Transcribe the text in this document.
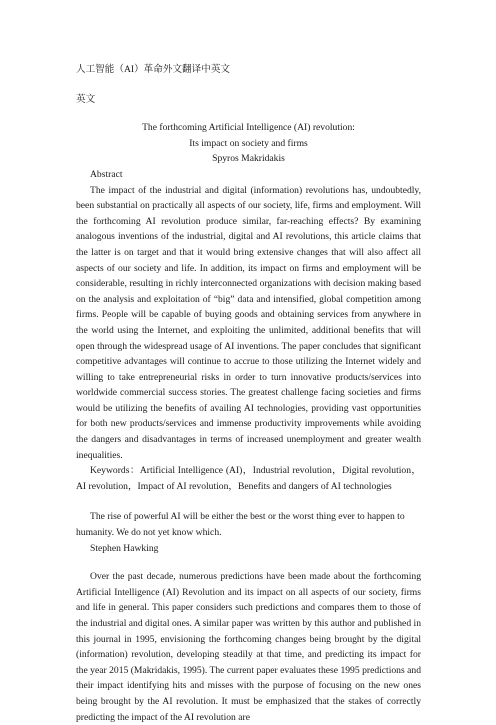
人工智能（AI）革命外文翻译中英文

英文

The forthcoming Artificial Intelligence (AI) revolution:

Its impact on society and firms

Spyros Makridakis

Abstract

The impact of the industrial and digital (information) revolutions has, undoubtedly, been substantial on practically all aspects of our society, life, firms and employment. Will the forthcoming AI revolution produce similar, far-reaching effects? By examining analogous inventions of the industrial, digital and AI revolutions, this article claims that the latter is on target and that it would bring extensive changes that will also affect all aspects of our society and life. In addition, its impact on firms and employment will be considerable, resulting in richly interconnected organizations with decision making based on the analysis and exploitation of “big” data and intensified, global competition among firms. People will be capable of buying goods and obtaining services from anywhere in the world using the Internet, and exploiting the unlimited, additional benefits that will open through the widespread usage of AI inventions. The paper concludes that significant competitive advantages will continue to accrue to those utilizing the Internet widely and willing to take entrepreneurial risks in order to turn innovative products/services into worldwide commercial success stories. The greatest challenge facing societies and firms would be utilizing the benefits of availing AI technologies, providing vast opportunities for both new products/services and immense productivity improvements while avoiding the dangers and disadvantages in terms of increased unemployment and greater wealth inequalities.

Keywords：Artificial Intelligence (AI)，Industrial revolution，Digital revolution，AI revolution，Impact of AI revolution，Benefits and dangers of AI technologies

The rise of powerful AI will be either the best or the worst thing ever to happen to humanity. We do not yet know which.

Stephen Hawking

Over the past decade, numerous predictions have been made about the forthcoming Artificial Intelligence (AI) Revolution and its impact on all aspects of our society, firms and life in general. This paper considers such predictions and compares them to those of the industrial and digital ones. A similar paper was written by this author and published in this journal in 1995, envisioning the forthcoming changes being brought by the digital (information) revolution, developing steadily at that time, and predicting its impact for the year 2015 (Makridakis, 1995). The current paper evaluates these 1995 predictions and their impact identifying hits and misses with the purpose of focusing on the new ones being brought by the AI revolution. It must be emphasized that the stakes of correctly predicting the impact of the AI revolution are
